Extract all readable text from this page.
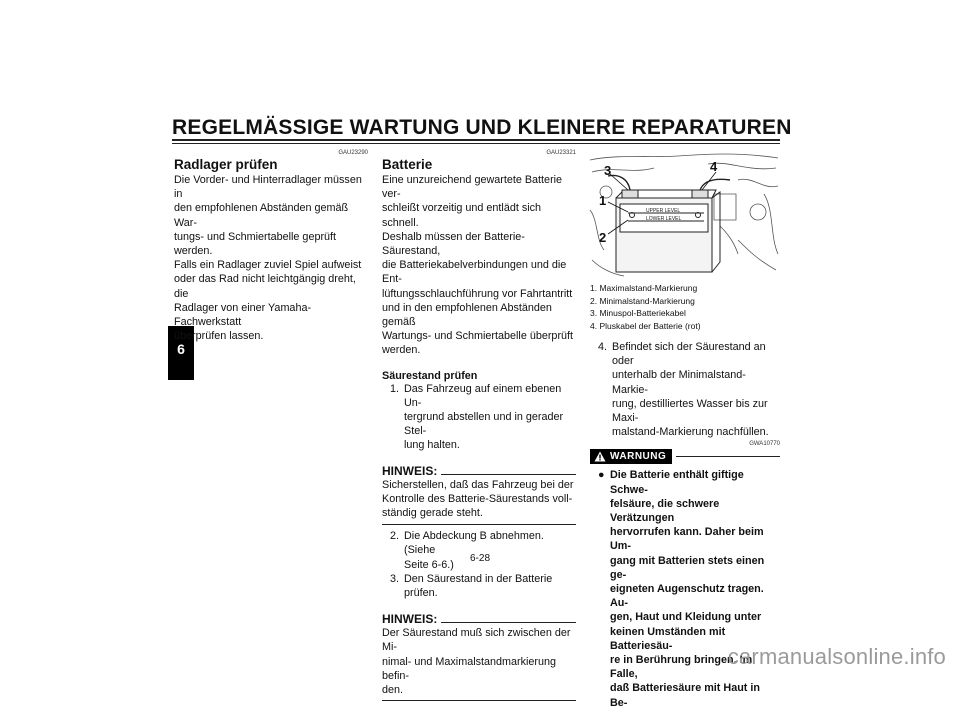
REGELMÄSSIGE WARTUNG UND KLEINERE REPARATUREN
6
GAU23290
Radlager prüfen

Die Vorder- und Hinterradlager müssen in

den empfohlenen Abständen gemäß War-

tungs- und Schmiertabelle geprüft werden.

Falls ein Radlager zuviel Spiel aufweist

oder das Rad nicht leichtgängig dreht, die

Radlager von einer Yamaha-Fachwerkstatt

überprüfen lassen.

GAU23321
Batterie

Eine unzureichend gewartete Batterie ver-

schleißt vorzeitig und entlädt sich schnell.

Deshalb müssen der Batterie-Säurestand,

die Batteriekabelverbindungen und die Ent-

lüftungsschlauchführung vor Fahrtantritt

und in den empfohlenen Abständen gemäß

Wartungs- und Schmiertabelle überprüft

werden.

Säurestand prüfen
1. Das Fahrzeug auf einem ebenen Un-
tergrund abstellen und in gerader Stel-
lung halten.
HINWEIS:

Sicherstellen, daß das Fahrzeug bei der

Kontrolle des Batterie-Säurestands voll-

ständig gerade steht.

2. Die Abdeckung B abnehmen. (Siehe
Seite 6-6.)
3. Den Säurestand in der Batterie prüfen.
HINWEIS:

Der Säurestand muß sich zwischen der Mi-

nimal- und Maximalstandmarkierung befin-

den.

UPPER LEVEL
LOWER LEVEL
3	4
1
2
1. Maximalstand-Markierung
2. Minimalstand-Markierung
3. Minuspol-Batteriekabel
4. Pluskabel der Batterie (rot)
4. Befindet sich der Säurestand an oder
unterhalb der Minimalstand-Markie-
rung, destilliertes Wasser bis zur Maxi-
malstand-Markierung nachfüllen.
GWA10770
WARNUNG
● Die Batterie enthält giftige Schwe-
felsäure, die schwere Verätzungen
hervorrufen kann. Daher beim Um-
gang mit Batterien stets einen ge-
eigneten Augenschutz tragen. Au-
gen, Haut und Kleidung unter
keinen Umständen mit Batteriesäu-
re in Berührung bringen. Im Falle,
daß Batteriesäure mit Haut in Be-
6-28
carmanualsonline.info
